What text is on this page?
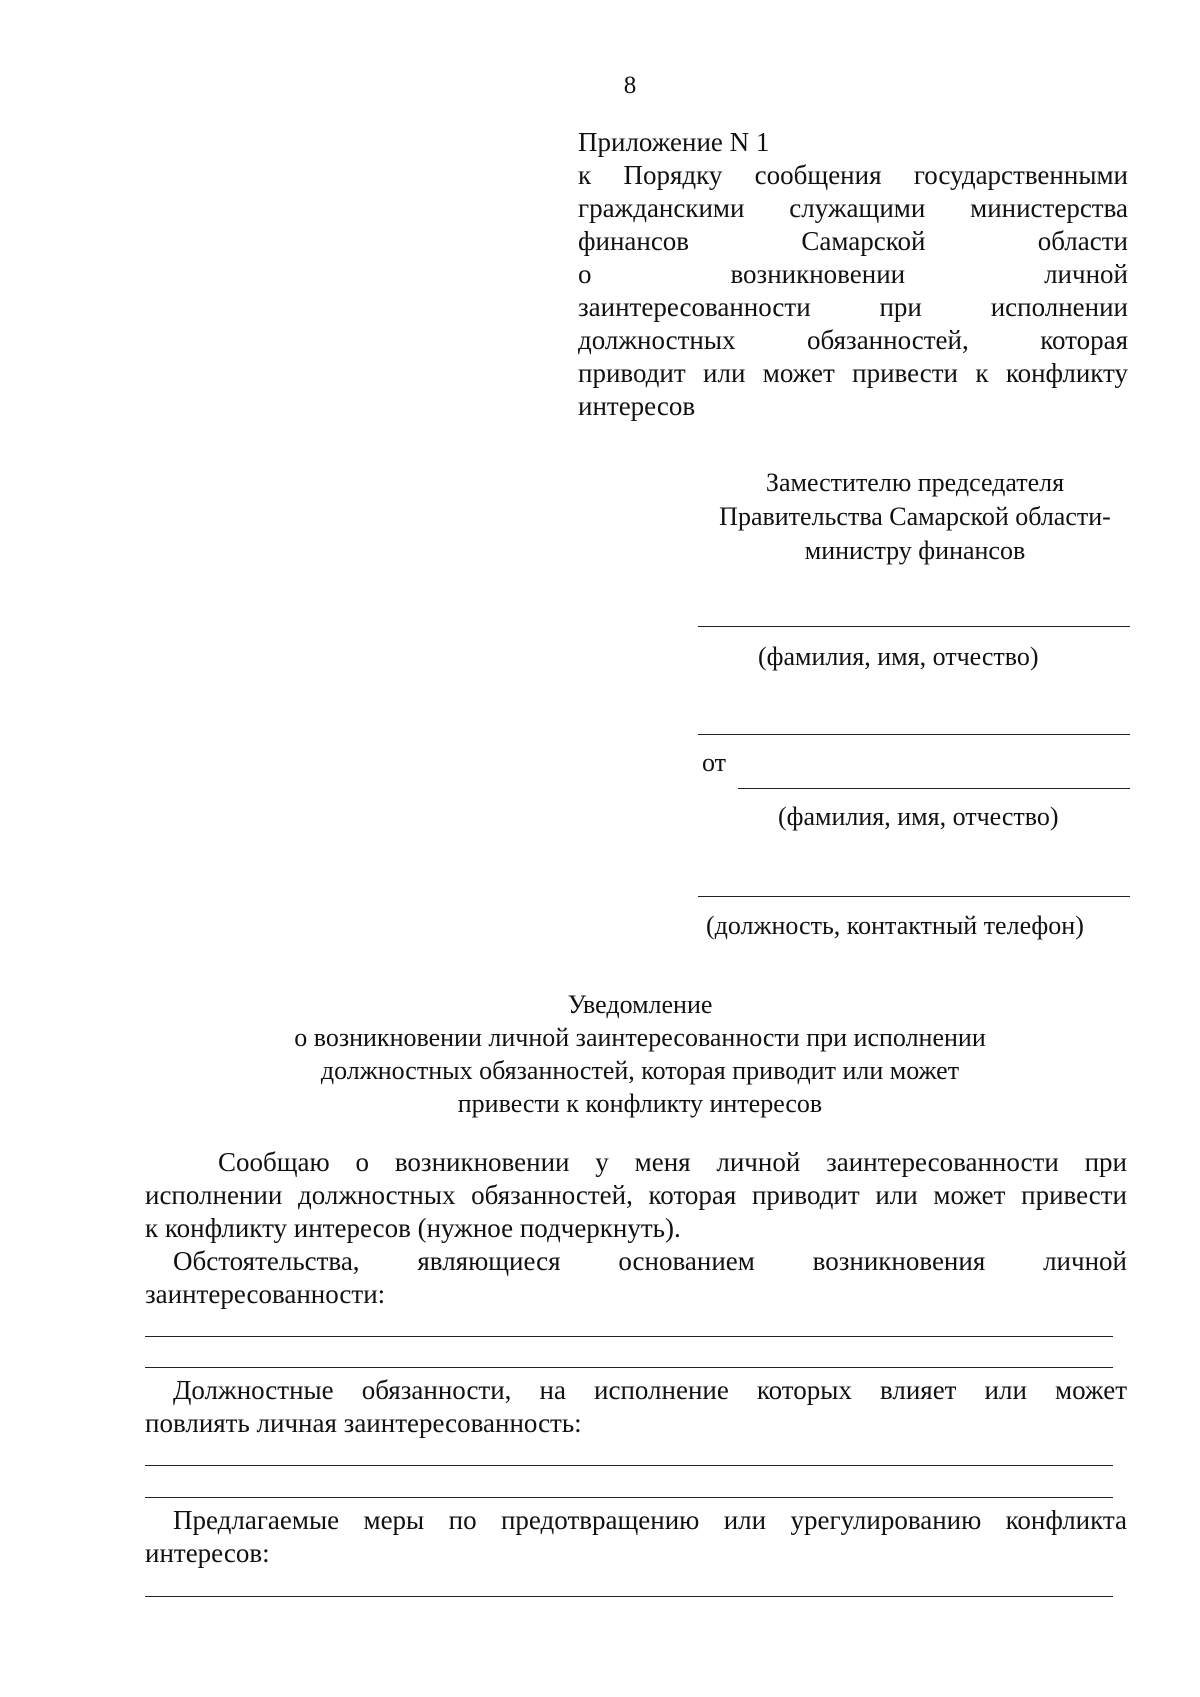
8
Приложение N 1
к Порядку сообщения государственными
гражданскими служащими министерства
финансов Самарской области
о возникновении личной
заинтересованности при исполнении
должностных обязанностей, которая
приводит или может привести к конфликту
интересов
Заместителю председателя
Правительства Самарской области-
министру финансов
(фамилия, имя, отчество)
от
(фамилия, имя, отчество)
(должность, контактный телефон)
Уведомление
о возникновении личной заинтересованности при исполнении
должностных обязанностей, которая приводит или может
привести к конфликту интересов
Сообщаю о возникновении у меня личной заинтересованности при
исполнении должностных обязанностей, которая приводит или может привести
к конфликту интересов (нужное подчеркнуть).
Обстоятельства, являющиеся основанием возникновения личной
заинтересованности:
Должностные обязанности, на исполнение которых влияет или может
повлиять личная заинтересованность:
Предлагаемые меры по предотвращению или урегулированию конфликта
интересов:
